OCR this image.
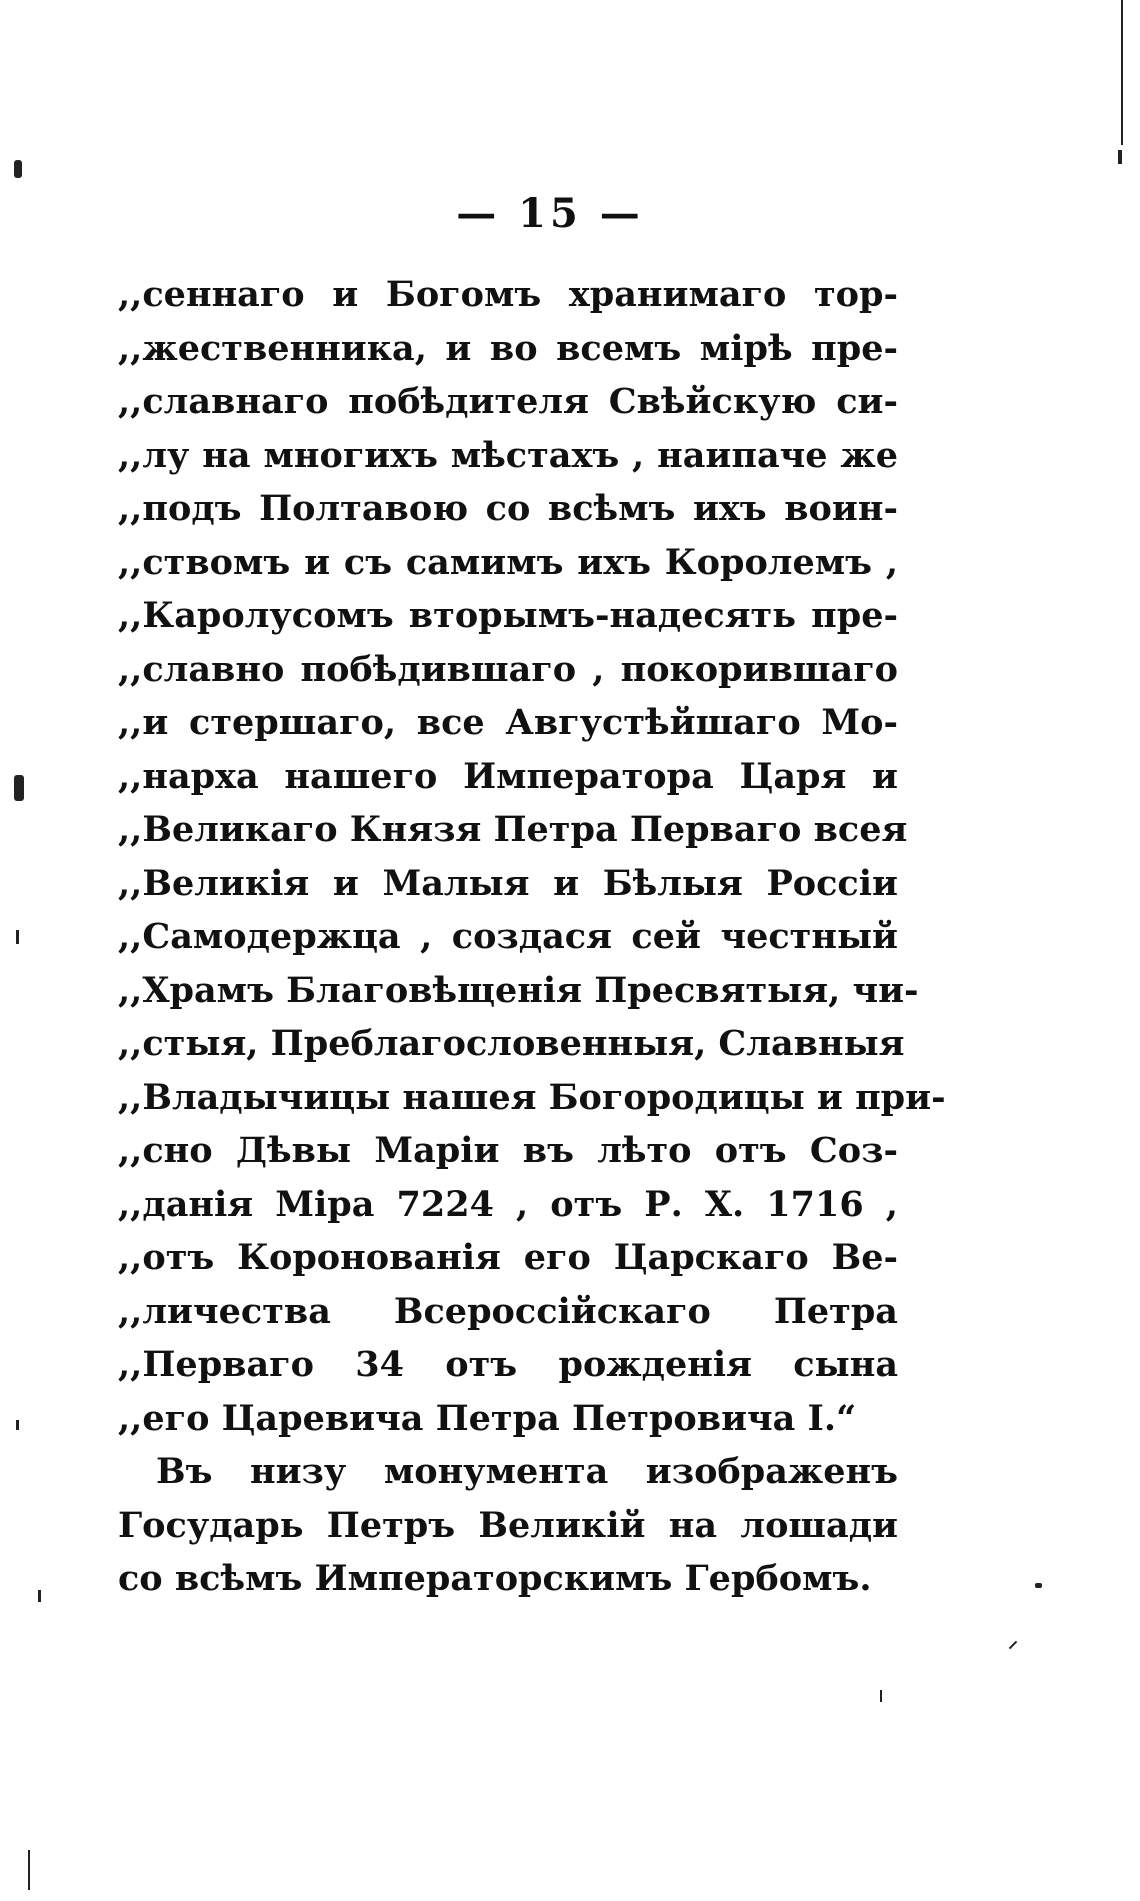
— 15 —
,,сеннаго и Богомъ хранимаго тор-
,,жественника, и во всемъ мірѣ пре-
,,славнаго побѣдителя Свѣйскую си-
,,лу на многихъ мѣстахъ , наипаче же
,,подъ Полтавою со всѣмъ ихъ воин-
,,ствомъ и съ самимъ ихъ Королемъ ,
,,Каролусомъ вторымъ-надесять пре-
,,славно побѣдившаго , покорившаго
,,и стершаго, все Августѣйшаго Мо-
,,нарха нашего Императора Царя и
,,Великаго Князя Петра Перваго всея
,,Великія и Малыя и Бѣлыя Россіи
,,Самодержца , создася сей честный
,,Храмъ Благовѣщенія Пресвятыя, чи-
,,стыя, Преблагословенныя, Славныя
,,Владычицы нашея Богородицы и при-
,,сно Дѣвы Маріи въ лѣто отъ Соз-
,,данія Міра 7224 , отъ Р. Х. 1716 ,
,,отъ Коронованія его Царскаго Ве-
,,личества Всероссійскаго Петра
,,Перваго 34 отъ рожденія сына
,,его Царевича Петра Петровича I.“
Въ низу монумента изображенъ
Государь Петръ Великій на лошади
со всѣмъ Императорскимъ Гербомъ.
